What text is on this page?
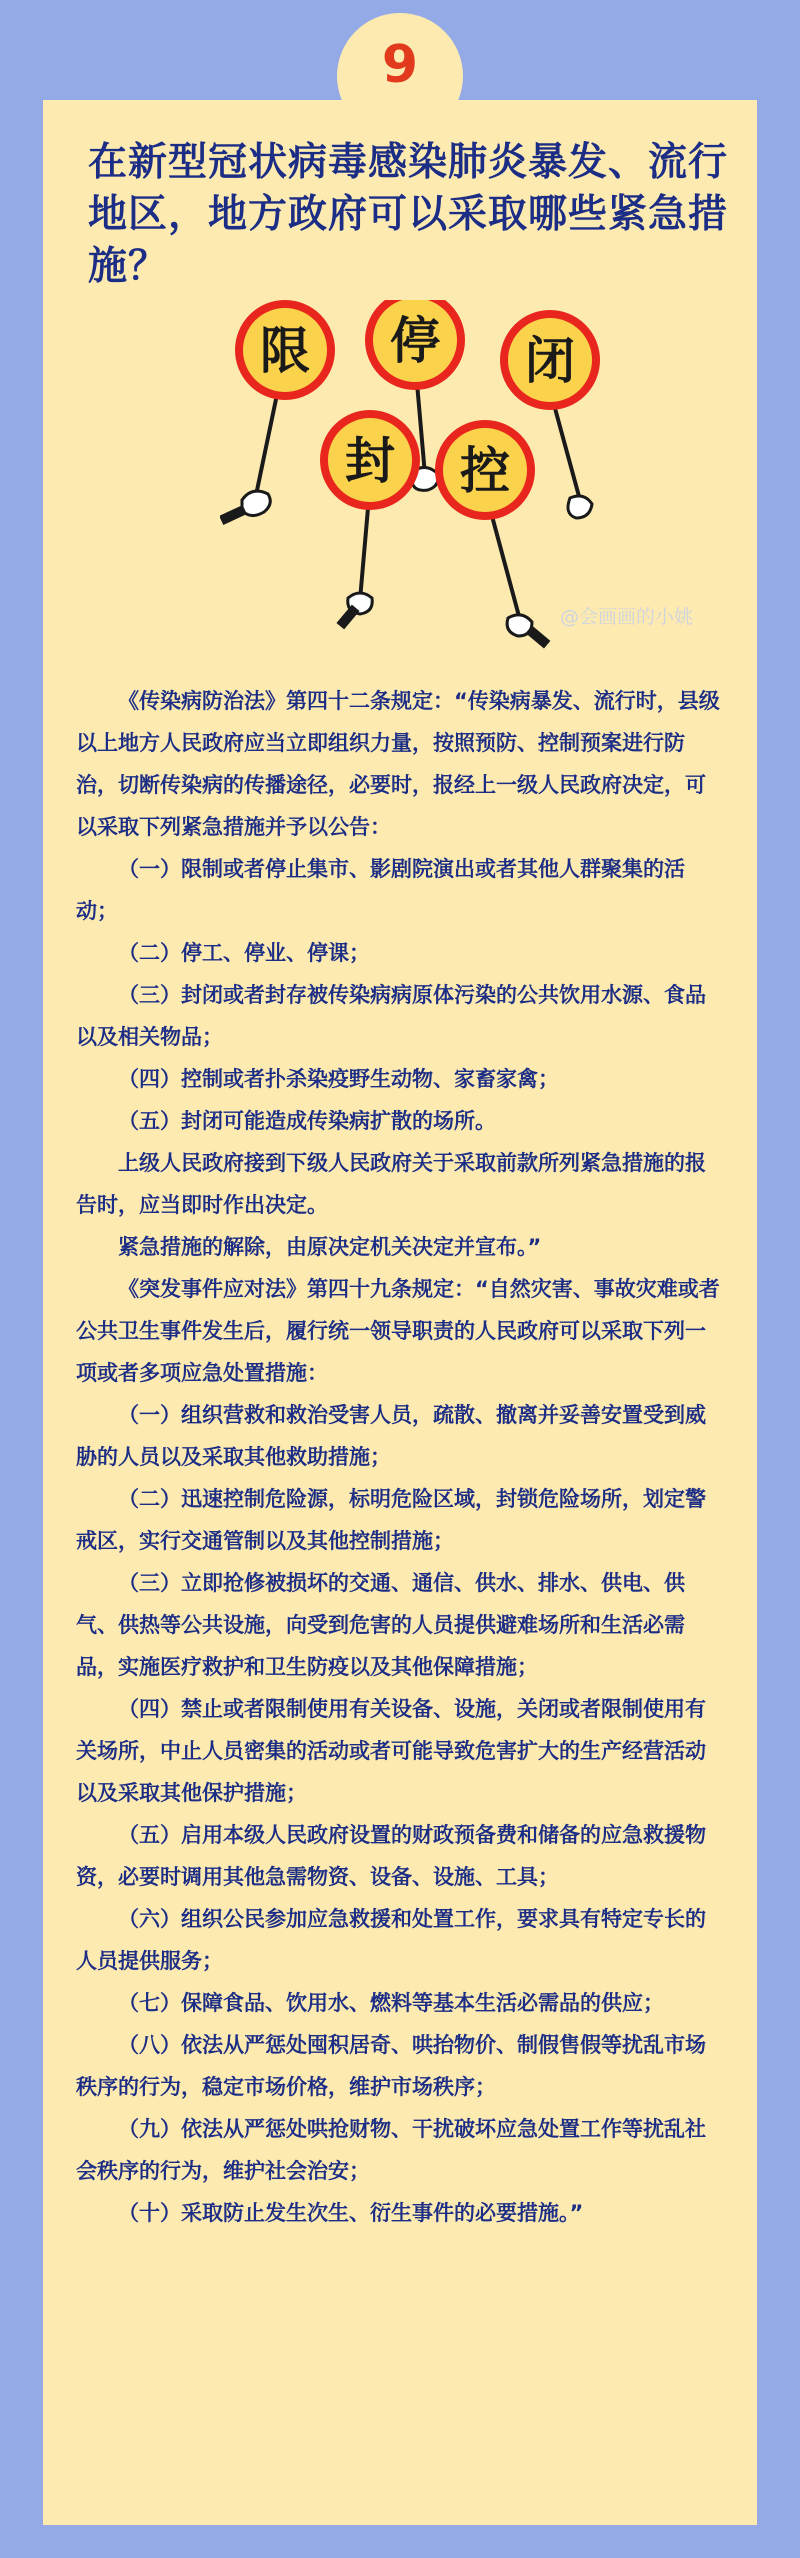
9
在新型冠状病毒感染肺炎暴发、流行地区，地方政府可以采取哪些紧急措施？
限 停 闭
封 控
@会画画的小姚

《传染病防治法》第四十二条规定：“传染病暴发、流行时，县级以上地方人民政府应当立即组织力量，按照预防、控制预案进行防治，切断传染病的传播途径，必要时，报经上一级人民政府决定，可以采取下列紧急措施并予以公告：

（一）限制或者停止集市、影剧院演出或者其他人群聚集的活动；

（二）停工、停业、停课；

（三）封闭或者封存被传染病病原体污染的公共饮用水源、食品以及相关物品；

（四）控制或者扑杀染疫野生动物、家畜家禽；

（五）封闭可能造成传染病扩散的场所。

上级人民政府接到下级人民政府关于采取前款所列紧急措施的报告时，应当即时作出决定。

紧急措施的解除，由原决定机关决定并宣布。”

《突发事件应对法》第四十九条规定：“自然灾害、事故灾难或者公共卫生事件发生后，履行统一领导职责的人民政府可以采取下列一项或者多项应急处置措施：

（一）组织营救和救治受害人员，疏散、撤离并妥善安置受到威胁的人员以及采取其他救助措施；

（二）迅速控制危险源，标明危险区域，封锁危险场所，划定警戒区，实行交通管制以及其他控制措施；

（三）立即抢修被损坏的交通、通信、供水、排水、供电、供气、供热等公共设施，向受到危害的人员提供避难场所和生活必需品，实施医疗救护和卫生防疫以及其他保障措施；

（四）禁止或者限制使用有关设备、设施，关闭或者限制使用有关场所，中止人员密集的活动或者可能导致危害扩大的生产经营活动以及采取其他保护措施；

（五）启用本级人民政府设置的财政预备费和储备的应急救援物资，必要时调用其他急需物资、设备、设施、工具；

（六）组织公民参加应急救援和处置工作，要求具有特定专长的人员提供服务；

（七）保障食品、饮用水、燃料等基本生活必需品的供应；

（八）依法从严惩处囤积居奇、哄抬物价、制假售假等扰乱市场秩序的行为，稳定市场价格，维护市场秩序；

（九）依法从严惩处哄抢财物、干扰破坏应急处置工作等扰乱社会秩序的行为，维护社会治安；

（十）采取防止发生次生、衍生事件的必要措施。”
